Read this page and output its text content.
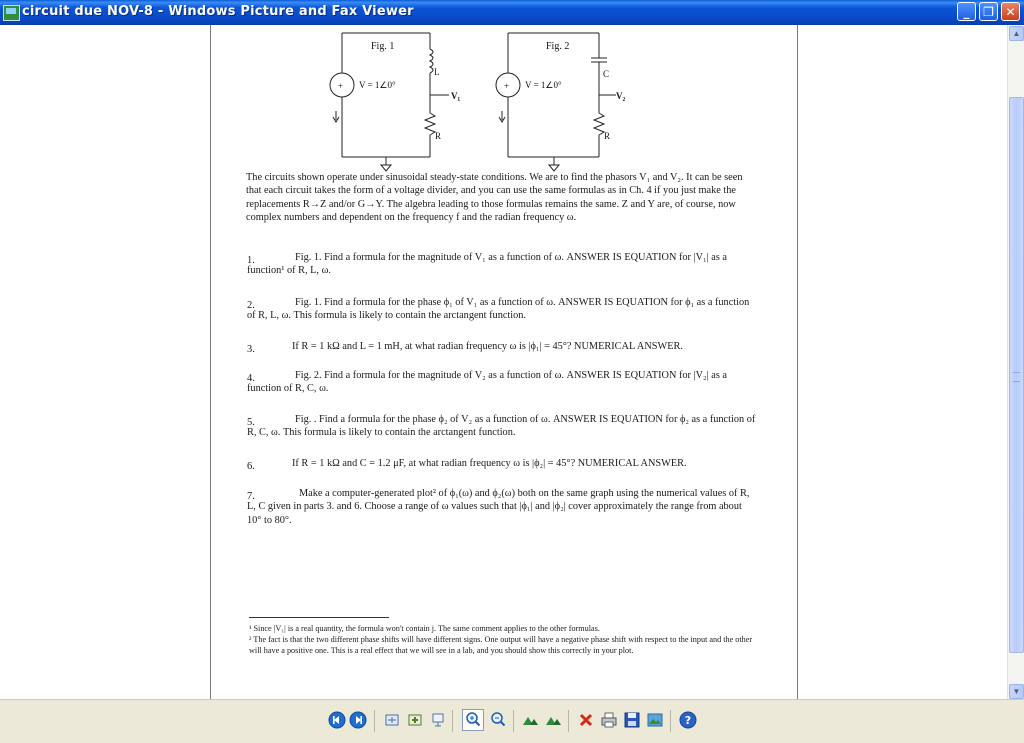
circuit due NOV-8 - Windows Picture and Fax Viewer	_	❐ ✕
Fig. 1
V = 1∠0°
+
L
R
V₁
Fig. 2
V = 1∠0°
+
C
R
V₂
The circuits shown operate under sinusoidal steady-state conditions. We are to find the phasors V₁ and V₂. It can be seen that each circuit takes the form of a voltage divider, and you can use the same formulas as in Ch. 4 if you just make the replacements R→Z and/or G→Y. The algebra leading to those formulas remains the same. Z and Y are, of course, now complex numbers and dependent on the frequency f and the radian frequency ω.
1.	Fig. 1. Find a formula for the magnitude of V₁ as a function of ω. ANSWER IS EQUATION for |V₁| as a function¹ of R, L, ω.
2.	Fig. 1. Find a formula for the phase ϕ₁ of V₁ as a function of ω. ANSWER IS EQUATION for ϕ₁ as a function of R, L, ω. This formula is likely to contain the arctangent function.
3.	If R = 1 kΩ and L = 1 mH, at what radian frequency ω is |ϕ₁| = 45°? NUMERICAL ANSWER.
4.	Fig. 2. Find a formula for the magnitude of V₂ as a function of ω. ANSWER IS EQUATION for |V₂| as a function of R, C, ω.
5.	Fig. . Find a formula for the phase ϕ₂ of V₂ as a function of ω. ANSWER IS EQUATION for ϕ₂ as a function of R, C, ω. This formula is likely to contain the arctangent function.
6.	If R = 1 kΩ and C = 1.2 μF, at what radian frequency ω is |ϕ₂| = 45°? NUMERICAL ANSWER.
7.	Make a computer-generated plot² of ϕ₁(ω) and ϕ₂(ω) both on the same graph using the numerical values of R, L, C given in parts 3. and 6. Choose a range of ω values such that |ϕ₁| and |ϕ₂| cover approximately the range from about 10° to 80°.
¹ Since |V₁| is a real quantity, the formula won't contain j. The same comment applies to the other formulas.
² The fact is that the two different phase shifts will have different signs. One output will have a negative phase shift with respect to the input and the other will have a positive one. This is a real effect that we will see in a lab, and you should show this correctly in your plot.
▲
▼
?
